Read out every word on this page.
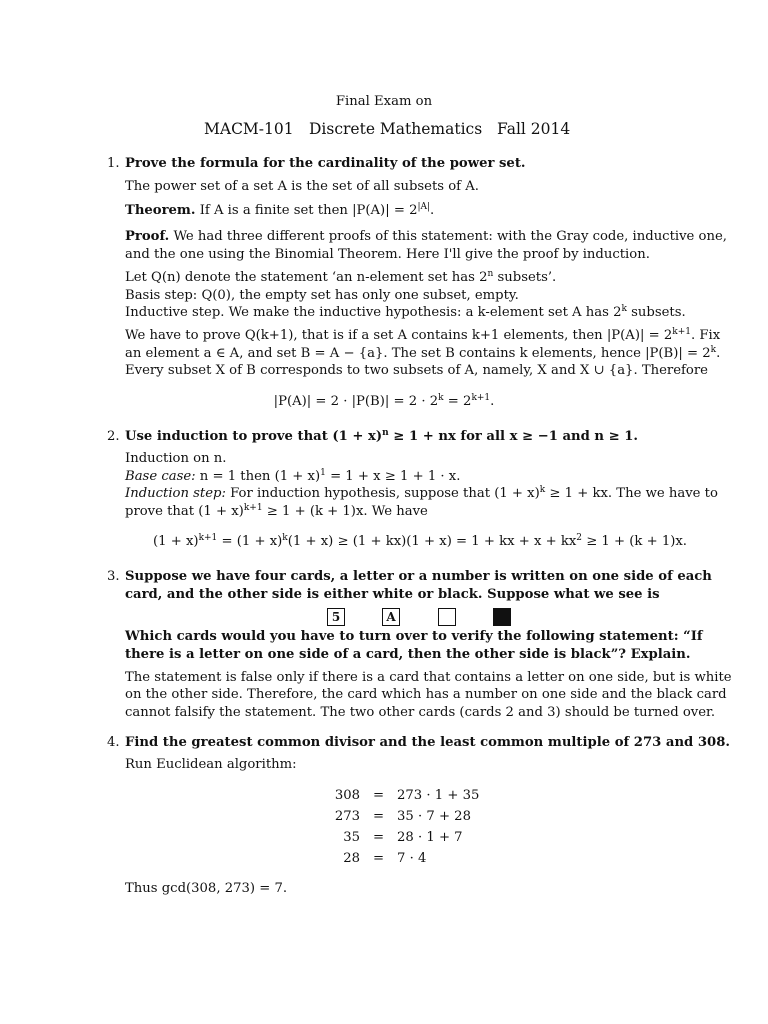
Final Exam on
MACM-101 Discrete Mathematics Fall 2014
1. Prove the formula for the cardinality of the power set.
The power set of a set A is the set of all subsets of A.
Theorem. If A is a finite set then $|P(A)| = 2^{|A|}$.
Proof. We had three different proofs of this statement: with the Gray code, inductive one,
and the one using the Binomial Theorem. Here I'll give the proof by induction.
Let Q(n) denote the statement ‘an n-element set has 2$^n$ subsets’.
Basis step: Q(0), the empty set has only one subset, empty.
Inductive step. We make the inductive hypothesis: a k-element set A has 2$^k$ subsets.
We have to prove Q(k+1), that is if a set A contains k+1 elements, then $|P(A)| = 2^{k+1}$. Fix
an element a ∈ A, and set B = A − {a}. The set B contains k elements, hence $|P(B)| = 2^k$.
Every subset X of B corresponds to two subsets of A, namely, X and X ∪ {a}. Therefore
$|P(A)| = 2 \cdot |P(B)| = 2 \cdot 2^k = 2^{k+1}$.
2. Use induction to prove that $(1 + x)^n \ge 1$ + nx for all x ≥ −1 and n ≥ 1.
Induction on n.
Base case: n = 1 then $(1 + x)^1 = 1 + x \ge 1 + 1 \cdot x$.
Induction step: For induction hypothesis, suppose that $(1 + x)^k \ge 1$ + kx. The we have to
prove that $(1 + x)^{k+1} \ge 1 + (k + 1)x$. We have
$(1 + x)^{k+1} = (1 + x)^k(1 + x) \ge (1 + kx)(1 + x) = 1$ + kx + $x + kx^2 \ge 1 + (k + 1)x$.
3. Suppose we have four cards, a letter or a number is written on one side of each
card, and the other side is either white or black. Suppose what we see is
5	A
Which cards would you have to turn over to verify the following statement: “If
there is a letter on one side of a card, then the other side is black”? Explain.
The statement is false only if there is a card that contains a letter on one side, but is white
on the other side. Therefore, the card which has a number on one side and the black card
cannot falsify the statement. The two other cards (cards 2 and 3) should be turned over.
4. Find the greatest common divisor and the least common multiple of 273 and 308.
Run Euclidean algorithm:
308 = 273 · 1 + 35
273 = 35 · 7 + 28
35 = 28 · 1 + 7
28 = 7 · 4
Thus gcd(308, 273) = 7.
